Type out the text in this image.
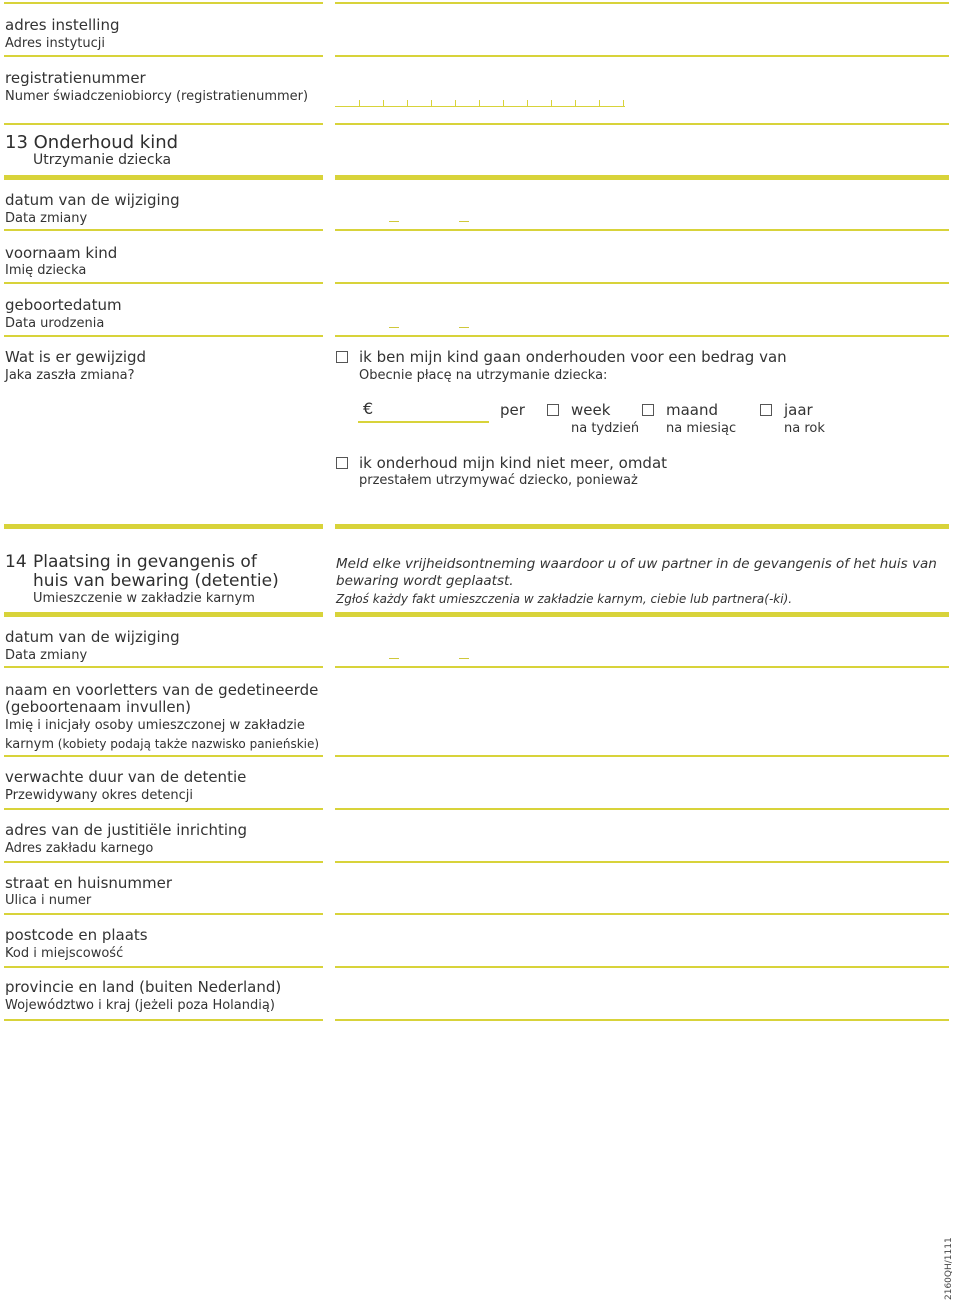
adres instelling
Adres instytucji
registratienummer
Numer świadczeniobiorcy (registratienummer)
13 Onderhoud kind
Utrzymanie dziecka
datum van de wijziging
Data zmiany
voornaam kind
Imię dziecka
geboortedatum
Data urodzenia
Wat is er gewijzigd
Jaka zaszła zmiana?
ik ben mijn kind gaan onderhouden voor een bedrag van
Obecnie płacę na utrzymanie dziecka:
€	per	week
na tydzień
maand
na miesiąc
jaar
na rok
ik onderhoud mijn kind niet meer, omdat
przestałem utrzymywać dziecko, ponieważ
14 Plaatsing in gevangenis of
huis van bewaring (detentie)
Umieszczenie w zakładzie karnym
Meld elke vrijheidsontneming waardoor u of uw partner in de gevangenis of het huis van
bewaring wordt geplaatst.
Zgłoś każdy fakt umieszczenia w zakładzie karnym, ciebie lub partnera(-ki).
datum van de wijziging
Data zmiany
naam en voorletters van de gedetineerde
(geboortenaam invullen)
Imię i inicjały osoby umieszczonej w zakładzie
karnym (kobiety podają także nazwisko panieńskie)
verwachte duur van de detentie
Przewidywany okres detencji
adres van de justitiële inrichting
Adres zakładu karnego
straat en huisnummer
Ulica i numer
postcode en plaats
Kod i miejscowość
provincie en land (buiten Nederland)
Województwo i kraj (jeżeli poza Holandią)
2160QH/1111
